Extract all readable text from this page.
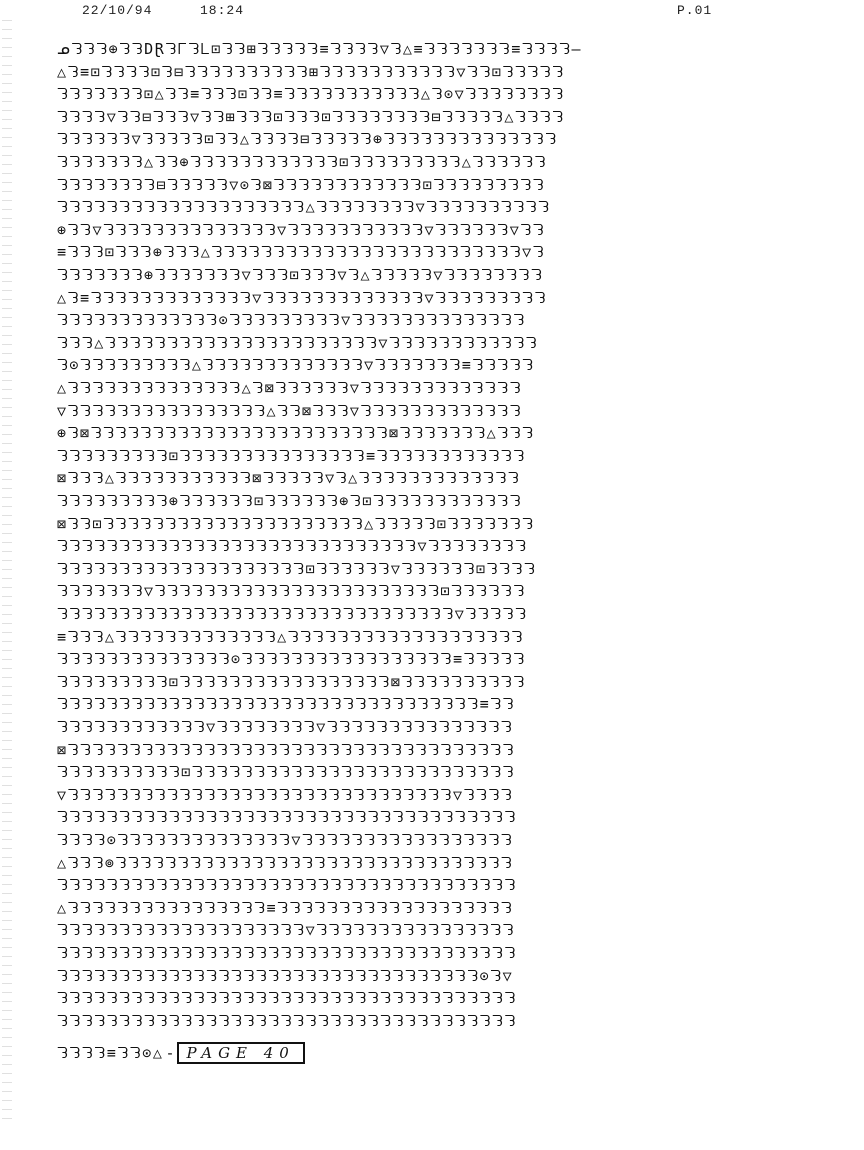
22/10/94	18:24	P.01
ᓄᘊᘊᘊ⊕ᘊᘊDⱤᘊᒥᘊᒪ⊡ᘊᘊ⊞ᘊᘊᘊᘊᘊ≡ᘊᘊᘊᘊ▽ᘊ△≡ᘊᘊᘊᘊᘊᘊᘊ≡ᘊᘊᘊᘊ—
△ᘊ≡⊡ᘊᘊᘊᘊ⊡ᘊ⊟ᘊᘊᘊᘊᘊᘊᘊᘊᘊᘊ⊞ᘊᘊᘊᘊᘊᘊᘊᘊᘊᘊᘊ▽ᘊᘊ⊡ᘊᘊᘊᘊᘊ
ᘊᘊᘊᘊᘊᘊᘊ⊡△ᘊᘊ≡ᘊᘊᘊ⊡ᘊᘊ≡ᘊᘊᘊᘊᘊᘊᘊᘊᘊᘊᘊ△ᘊ⊙▽ᘊᘊᘊᘊᘊᘊᘊᘊ
ᘊᘊᘊᘊ▽ᘊᘊ⊟ᘊᘊᘊ▽ᘊᘊ⊞ᘊᘊᘊ⊡ᘊᘊᘊ⊡ᘊᘊᘊᘊᘊᘊᘊᘊ⊟ᘊᘊᘊᘊᘊ△ᘊᘊᘊᘊ
ᘊᘊᘊᘊᘊᘊ▽ᘊᘊᘊᘊᘊ⊡ᘊᘊ△ᘊᘊᘊᘊ⊟ᘊᘊᘊᘊᘊ⊕ᘊᘊᘊᘊᘊᘊᘊᘊᘊᘊᘊᘊᘊᘊ
ᘊᘊᘊᘊᘊᘊᘊ△ᘊᘊ⊕ᘊᘊᘊᘊᘊᘊᘊᘊᘊᘊᘊᘊ⊡ᘊᘊᘊᘊᘊᘊᘊᘊᘊ△ᘊᘊᘊᘊᘊᘊ
ᘊᘊᘊᘊᘊᘊᘊᘊ⊟ᘊᘊᘊᘊᘊ▽⊙ᘊ⊠ᘊᘊᘊᘊᘊᘊᘊᘊᘊᘊᘊᘊ⊡ᘊᘊᘊᘊᘊᘊᘊᘊᘊ
ᘊᘊᘊᘊᘊᘊᘊᘊᘊᘊᘊᘊᘊᘊᘊᘊᘊᘊᘊᘊ△ᘊᘊᘊᘊᘊᘊᘊᘊ▽ᘊᘊᘊᘊᘊᘊᘊᘊᘊᘊ
⊕ᘊᘊ▽ᘊᘊᘊᘊᘊᘊᘊᘊᘊᘊᘊᘊᘊᘊ▽ᘊᘊᘊᘊᘊᘊᘊᘊᘊᘊᘊ▽ᘊᘊᘊᘊᘊᘊ▽ᘊᘊ
≡ᘊᘊᘊ⊡ᘊᘊᘊ⊕ᘊᘊᘊ△ᘊᘊᘊᘊᘊᘊᘊᘊᘊᘊᘊᘊᘊᘊᘊᘊᘊᘊᘊᘊᘊᘊᘊᘊᘊ▽ᘊ
ᘊᘊᘊᘊᘊᘊᘊ⊕ᘊᘊᘊᘊᘊᘊᘊ▽ᘊᘊᘊ⊡ᘊᘊᘊ▽ᘊ△ᘊᘊᘊᘊᘊ▽ᘊᘊᘊᘊᘊᘊᘊᘊ
△ᘊ≡ᘊᘊᘊᘊᘊᘊᘊᘊᘊᘊᘊᘊᘊ▽ᘊᘊᘊᘊᘊᘊᘊᘊᘊᘊᘊᘊᘊ▽ᘊᘊᘊᘊᘊᘊᘊᘊᘊ
ᘊᘊᘊᘊᘊᘊᘊᘊᘊᘊᘊᘊᘊ⊙ᘊᘊᘊᘊᘊᘊᘊᘊᘊ▽ᘊᘊᘊᘊᘊᘊᘊᘊᘊᘊᘊᘊᘊᘊ
ᘊᘊᘊ△ᘊᘊᘊᘊᘊᘊᘊᘊᘊᘊᘊᘊᘊᘊᘊᘊᘊᘊᘊᘊᘊᘊ▽ᘊᘊᘊᘊᘊᘊᘊᘊᘊᘊᘊᘊ
ᘊ⊙ᘊᘊᘊᘊᘊᘊᘊᘊᘊ△ᘊᘊᘊᘊᘊᘊᘊᘊᘊᘊᘊᘊᘊ▽ᘊᘊᘊᘊᘊᘊᘊ≡ᘊᘊᘊᘊᘊ
△ᘊᘊᘊᘊᘊᘊᘊᘊᘊᘊᘊᘊᘊᘊ△ᘊ⊠ᘊᘊᘊᘊᘊᘊ▽ᘊᘊᘊᘊᘊᘊᘊᘊᘊᘊᘊᘊᘊ
▽ᘊᘊᘊᘊᘊᘊᘊᘊᘊᘊᘊᘊᘊᘊᘊᘊ△ᘊᘊ⊠ᘊᘊᘊ▽ᘊᘊᘊᘊᘊᘊᘊᘊᘊᘊᘊᘊᘊ
⊕ᘊ⊠ᘊᘊᘊᘊᘊᘊᘊᘊᘊᘊᘊᘊᘊᘊᘊᘊᘊᘊᘊᘊᘊᘊᘊᘊ⊠ᘊᘊᘊᘊᘊᘊᘊ△ᘊᘊᘊ
ᘊᘊᘊᘊᘊᘊᘊᘊᘊ⊡ᘊᘊᘊᘊᘊᘊᘊᘊᘊᘊᘊᘊᘊᘊᘊ≡ᘊᘊᘊᘊᘊᘊᘊᘊᘊᘊᘊᘊ
⊠ᘊᘊᘊ△ᘊᘊᘊᘊᘊᘊᘊᘊᘊᘊᘊ⊠ᘊᘊᘊᘊᘊ▽ᘊ△ᘊᘊᘊᘊᘊᘊᘊᘊᘊᘊᘊᘊᘊ
ᘊᘊᘊᘊᘊᘊᘊᘊᘊ⊕ᘊᘊᘊᘊᘊᘊ⊡ᘊᘊᘊᘊᘊᘊ⊕ᘊ⊡ᘊᘊᘊᘊᘊᘊᘊᘊᘊᘊᘊᘊ
⊠ᘊᘊ⊡ᘊᘊᘊᘊᘊᘊᘊᘊᘊᘊᘊᘊᘊᘊᘊᘊᘊᘊᘊᘊᘊ△ᘊᘊᘊᘊᘊ⊡ᘊᘊᘊᘊᘊᘊᘊ
ᘊᘊᘊᘊᘊᘊᘊᘊᘊᘊᘊᘊᘊᘊᘊᘊᘊᘊᘊᘊᘊᘊᘊᘊᘊᘊᘊᘊᘊ▽ᘊᘊᘊᘊᘊᘊᘊᘊ
ᘊᘊᘊᘊᘊᘊᘊᘊᘊᘊᘊᘊᘊᘊᘊᘊᘊᘊᘊᘊ⊡ᘊᘊᘊᘊᘊᘊ▽ᘊᘊᘊᘊᘊᘊ⊡ᘊᘊᘊᘊ
ᘊᘊᘊᘊᘊᘊᘊ▽ᘊᘊᘊᘊᘊᘊᘊᘊᘊᘊᘊᘊᘊᘊᘊᘊᘊᘊᘊᘊᘊᘊᘊ⊡ᘊᘊᘊᘊᘊᘊ
ᘊᘊᘊᘊᘊᘊᘊᘊᘊᘊᘊᘊᘊᘊᘊᘊᘊᘊᘊᘊᘊᘊᘊᘊᘊᘊᘊᘊᘊᘊᘊᘊ▽ᘊᘊᘊᘊᘊ
≡ᘊᘊᘊ△ᘊᘊᘊᘊᘊᘊᘊᘊᘊᘊᘊᘊᘊ△ᘊᘊᘊᘊᘊᘊᘊᘊᘊᘊᘊᘊᘊᘊᘊᘊᘊᘊᘊ
ᘊᘊᘊᘊᘊᘊᘊᘊᘊᘊᘊᘊᘊᘊ⊙ᘊᘊᘊᘊᘊᘊᘊᘊᘊᘊᘊᘊᘊᘊᘊᘊᘊ≡ᘊᘊᘊᘊᘊ
ᘊᘊᘊᘊᘊᘊᘊᘊᘊ⊡ᘊᘊᘊᘊᘊᘊᘊᘊᘊᘊᘊᘊᘊᘊᘊᘊᘊ⊠ᘊᘊᘊᘊᘊᘊᘊᘊᘊᘊ
ᘊᘊᘊᘊᘊᘊᘊᘊᘊᘊᘊᘊᘊᘊᘊᘊᘊᘊᘊᘊᘊᘊᘊᘊᘊᘊᘊᘊᘊᘊᘊᘊᘊᘊ≡ᘊᘊ
ᘊᘊᘊᘊᘊᘊᘊᘊᘊᘊᘊᘊ▽ᘊᘊᘊᘊᘊᘊᘊᘊ▽ᘊᘊᘊᘊᘊᘊᘊᘊᘊᘊᘊᘊᘊᘊᘊ
⊠ᘊᘊᘊᘊᘊᘊᘊᘊᘊᘊᘊᘊᘊᘊᘊᘊᘊᘊᘊᘊᘊᘊᘊᘊᘊᘊᘊᘊᘊᘊᘊᘊᘊᘊᘊᘊ
ᘊᘊᘊᘊᘊᘊᘊᘊᘊᘊ⊡ᘊᘊᘊᘊᘊᘊᘊᘊᘊᘊᘊᘊᘊᘊᘊᘊᘊᘊᘊᘊᘊᘊᘊᘊᘊᘊ
▽ᘊᘊᘊᘊᘊᘊᘊᘊᘊᘊᘊᘊᘊᘊᘊᘊᘊᘊᘊᘊᘊᘊᘊᘊᘊᘊᘊᘊᘊᘊᘊ▽ᘊᘊᘊᘊ
ᘊᘊᘊᘊᘊᘊᘊᘊᘊᘊᘊᘊᘊᘊᘊᘊᘊᘊᘊᘊᘊᘊᘊᘊᘊᘊᘊᘊᘊᘊᘊᘊᘊᘊᘊᘊᘊ
ᘊᘊᘊᘊ⊙ᘊᘊᘊᘊᘊᘊᘊᘊᘊᘊᘊᘊᘊᘊ▽ᘊᘊᘊᘊᘊᘊᘊᘊᘊᘊᘊᘊᘊᘊᘊᘊᘊ
△ᘊᘊᘊ⊚ᘊᘊᘊᘊᘊᘊᘊᘊᘊᘊᘊᘊᘊᘊᘊᘊᘊᘊᘊᘊᘊᘊᘊᘊᘊᘊᘊᘊᘊᘊᘊᘊ
ᘊᘊᘊᘊᘊᘊᘊᘊᘊᘊᘊᘊᘊᘊᘊᘊᘊᘊᘊᘊᘊᘊᘊᘊᘊᘊᘊᘊᘊᘊᘊᘊᘊᘊᘊᘊᘊ
△ᘊᘊᘊᘊᘊᘊᘊᘊᘊᘊᘊᘊᘊᘊᘊᘊ≡ᘊᘊᘊᘊᘊᘊᘊᘊᘊᘊᘊᘊᘊᘊᘊᘊᘊᘊᘊ
ᘊᘊᘊᘊᘊᘊᘊᘊᘊᘊᘊᘊᘊᘊᘊᘊᘊᘊᘊᘊ▽ᘊᘊᘊᘊᘊᘊᘊᘊᘊᘊᘊᘊᘊᘊᘊᘊ
ᘊᘊᘊᘊᘊᘊᘊᘊᘊᘊᘊᘊᘊᘊᘊᘊᘊᘊᘊᘊᘊᘊᘊᘊᘊᘊᘊᘊᘊᘊᘊᘊᘊᘊᘊᘊᘊ
ᘊᘊᘊᘊᘊᘊᘊᘊᘊᘊᘊᘊᘊᘊᘊᘊᘊᘊᘊᘊᘊᘊᘊᘊᘊᘊᘊᘊᘊᘊᘊᘊᘊᘊ⊙ᘊ▽
ᘊᘊᘊᘊᘊᘊᘊᘊᘊᘊᘊᘊᘊᘊᘊᘊᘊᘊᘊᘊᘊᘊᘊᘊᘊᘊᘊᘊᘊᘊᘊᘊᘊᘊᘊᘊᘊ
ᘊᘊᘊᘊᘊᘊᘊᘊᘊᘊᘊᘊᘊᘊᘊᘊᘊᘊᘊᘊᘊᘊᘊᘊᘊᘊᘊᘊᘊᘊᘊᘊᘊᘊᘊᘊᘊ
ᘊᘊᘊᘊ≡ᘊᘊ⊙△ - PAGE 40
